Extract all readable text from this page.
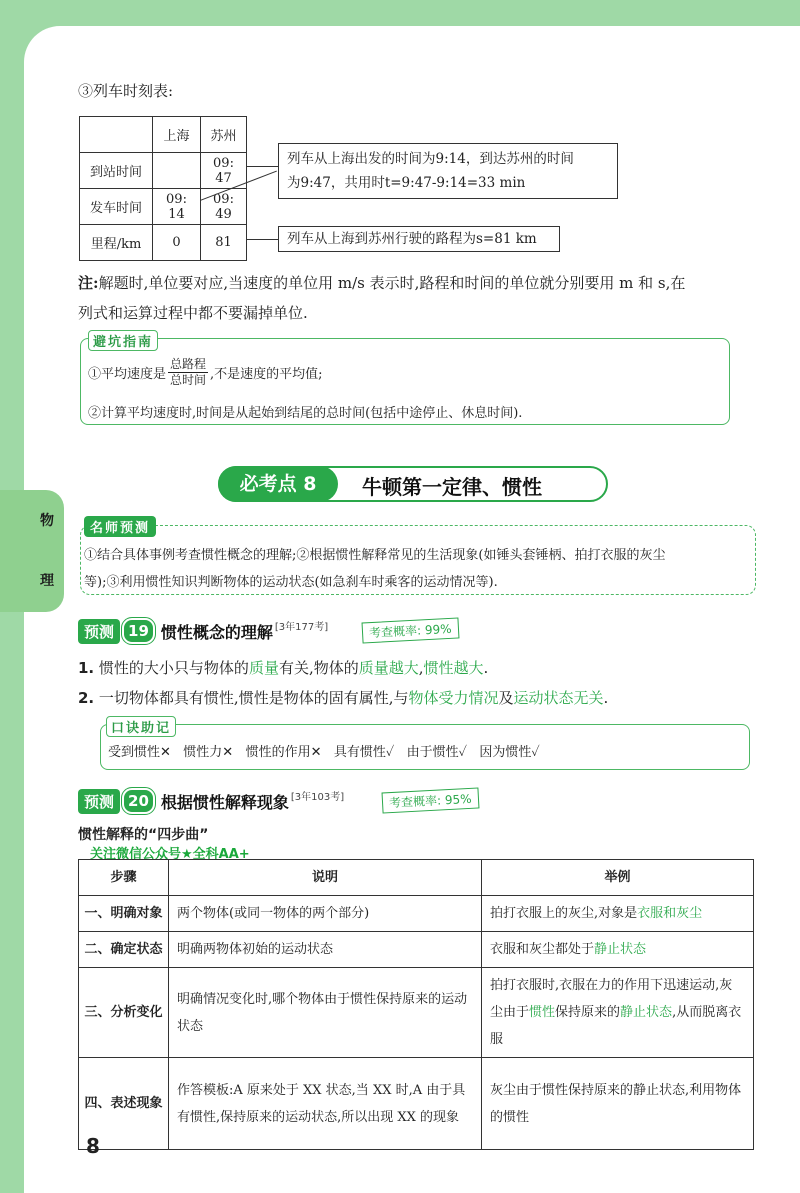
物
理
③列车时刻表:
	上海	苏州
到站时间		09: 47
发车时间	09: 14	09: 49
里程/km	0	81
列车从上海出发的时间为9:14，到达苏州的时间
为9:47，共用时t=9:47-9:14=33 min
列车从上海到苏州行驶的路程为s=81 km
注:解题时,单位要对应,当速度的单位用 m/s 表示时,路程和时间的单位就分别要用 m 和 s,在
列式和运算过程中都不要漏掉单位.
避坑指南
①平均速度是
总路程
总时间 ,不是速度的平均值;
②计算平均速度时,时间是从起始到结尾的总时间(包括中途停止、休息时间).
必考点 8	牛顿第一定律、惯性
名师预测
①结合具体事例考查惯性概念的理解;②根据惯性解释常见的生活现象(如锤头套锤柄、拍打衣服的灰尘
等);③利用惯性知识判断物体的运动状态(如急刹车时乘客的运动情况等).
预测 19 惯性概念的理解 [3年177考]	考查概率: 99%
1. 惯性的大小只与物体的质量有关,物体的质量越大,惯性越大.
2. 一切物体都具有惯性,惯性是物体的固有属性,与物体受力情况及运动状态无关.
口诀助记
受到惯性✕   惯性力✕   惯性的作用✕   具有惯性✓   由于惯性✓   因为惯性✓
预测 20 根据惯性解释现象 [3年103考]	考查概率: 95%
惯性解释的“四步曲”
关注微信公众号★全科AA+
步骤	说明	举例
一、明确对象	两个物体(或同一物体的两个部分)	拍打衣服上的灰尘,对象是衣服和灰尘
二、确定状态	明确两物体初始的运动状态	衣服和灰尘都处于静止状态
三、分析变化	明确情况变化时,哪个物体由于惯性保持原来的运动状态	拍打衣服时,衣服在力的作用下迅速运动,灰尘由于惯性保持原来的静止状态,从而脱离衣服
四、表述现象	作答模板:A 原来处于 XX 状态,当 XX 时,A 由于具有惯性,保持原来的运动状态,所以出现 XX 的现象	灰尘由于惯性保持原来的静止状态,利用物体的惯性
8
